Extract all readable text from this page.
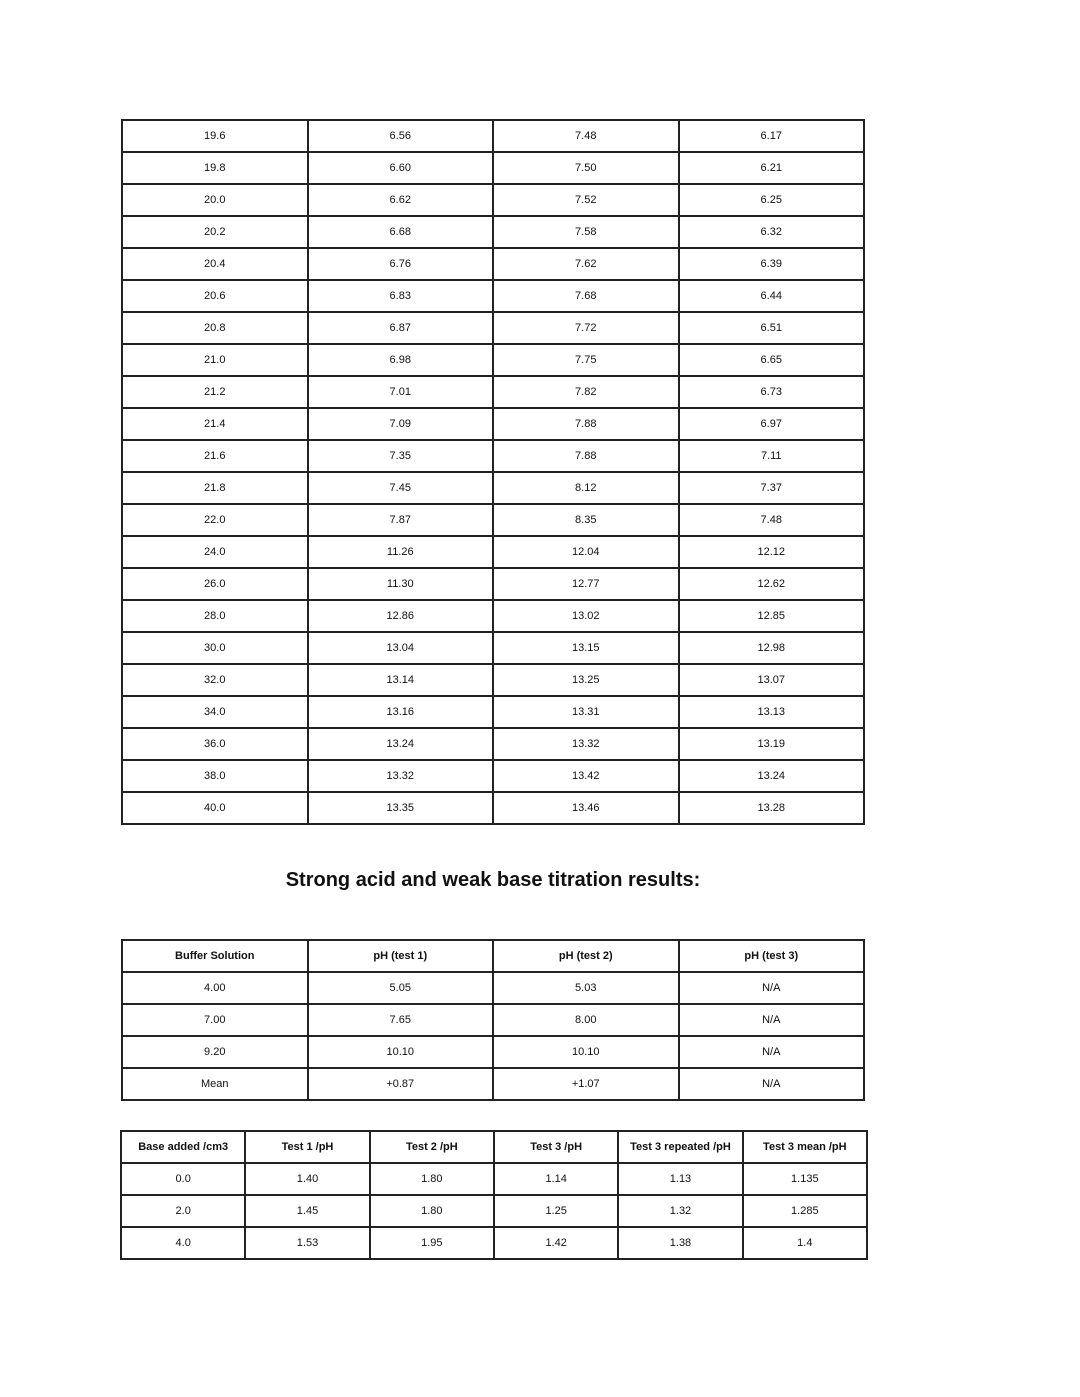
19.6	6.56	7.48	6.17
19.8	6.60	7.50	6.21
20.0	6.62	7.52	6.25
20.2	6.68	7.58	6.32
20.4	6.76	7.62	6.39
20.6	6.83	7.68	6.44
20.8	6.87	7.72	6.51
21.0	6.98	7.75	6.65
21.2	7.01	7.82	6.73
21.4	7.09	7.88	6.97
21.6	7.35	7.88	7.11
21.8	7.45	8.12	7.37
22.0	7.87	8.35	7.48
24.0	11.26	12.04	12.12
26.0	11.30	12.77	12.62
28.0	12.86	13.02	12.85
30.0	13.04	13.15	12.98
32.0	13.14	13.25	13.07
34.0	13.16	13.31	13.13
36.0	13.24	13.32	13.19
38.0	13.32	13.42	13.24
40.0	13.35	13.46	13.28
Strong acid and weak base titration results:
Buffer Solution	pH (test 1)	pH (test 2)	pH (test 3)
4.00	5.05	5.03	N/A
7.00	7.65	8.00	N/A
9.20	10.10	10.10	N/A
Mean	+0.87	+1.07	N/A
Base added /cm3	Test 1 /pH	Test 2 /pH	Test 3 /pH	Test 3 repeated /pH	Test 3 mean /pH
0.0	1.40	1.80	1.14	1.13	1.135
2.0	1.45	1.80	1.25	1.32	1.285
4.0	1.53	1.95	1.42	1.38	1.4
